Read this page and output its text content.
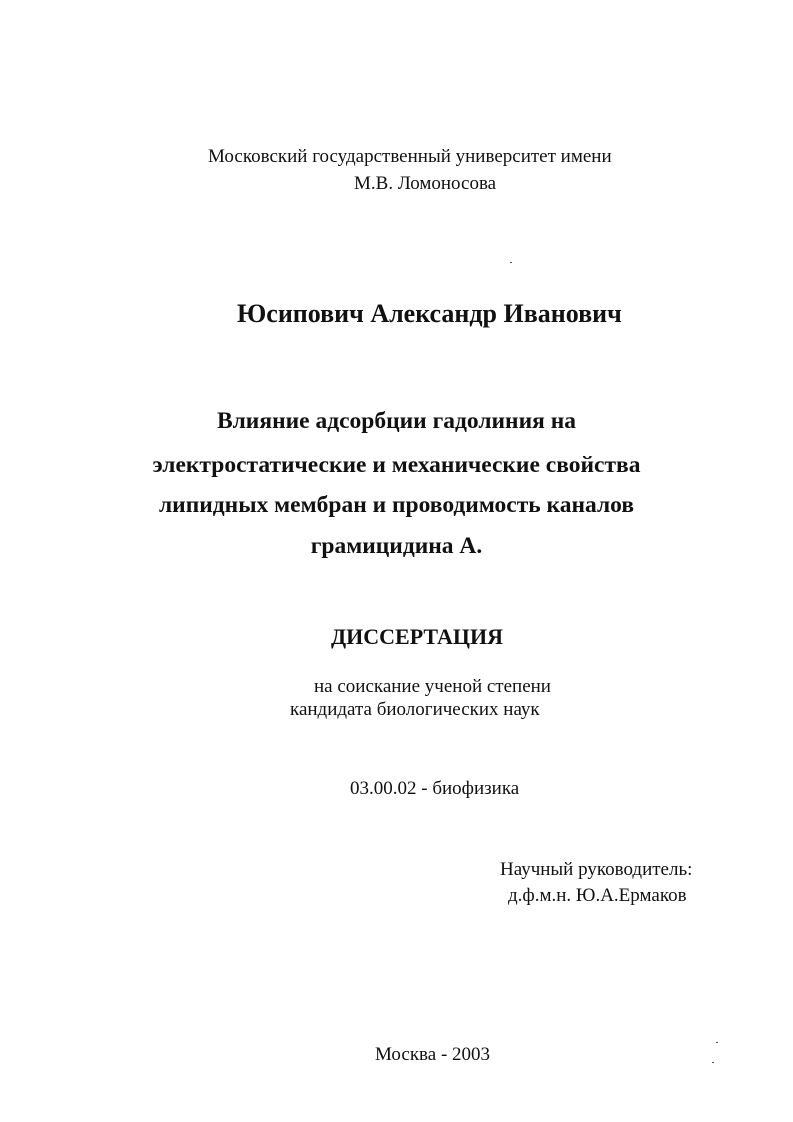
Московский государственный университет имени
М.В. Ломоносова
Юсипович Александр Иванович
Влияние адсорбции гадолиния на
электростатические и механические свойства
липидных мембран и проводимость каналов
грамицидина А.
ДИССЕРТАЦИЯ
на соискание ученой степени
кандидата биологических наук
03.00.02 - биофизика
Научный руководитель:
д.ф.м.н. Ю.А.Ермаков
Москва - 2003
